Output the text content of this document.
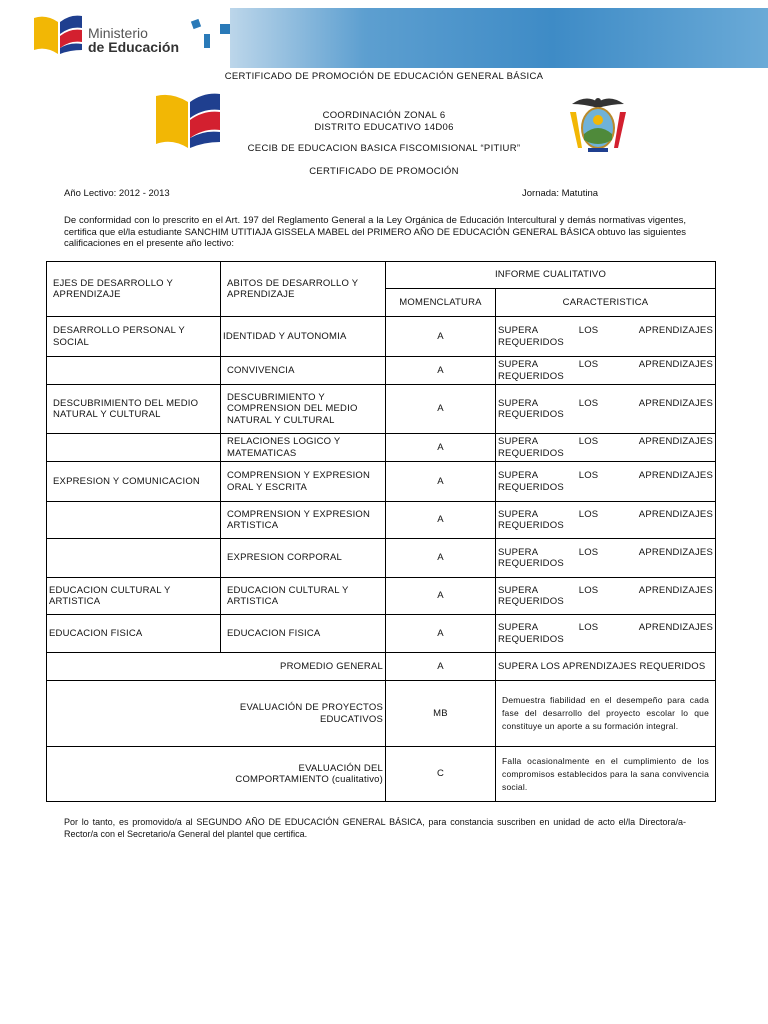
Ministerio
de Educación
CERTIFICADO DE PROMOCIÓN DE EDUCACIÓN GENERAL BÁSICA
COORDINACIÓN ZONAL 6
DISTRITO EDUCATIVO 14D06
CECIB DE EDUCACION BASICA FISCOMISIONAL “PITIUR”
CERTIFICADO DE PROMOCIÓN
Año Lectivo: 2012 - 2013	Jornada: Matutina
De conformidad con lo prescrito en el Art. 197 del Reglamento General a la Ley Orgánica de Educación Intercultural y demás normativas vigentes, certifica que el/la estudiante SANCHIM UTITIAJA GISSELA MABEL del PRIMERO AÑO DE EDUCACIÓN GENERAL BÁSICA obtuvo las siguientes calificaciones en el presente año lectivo:
EJES DE DESARROLLO Y APRENDIZAJE	ABITOS DE DESARROLLO Y APRENDIZAJE	INFORME CUALITATIVO	
		MOMENCLATURA	CARACTERISTICA
DESARROLLO PERSONAL Y SOCIAL	IDENTIDAD Y AUTONOMIA	A	SUPERA LOS APRENDIZAJES
REQUERIDOS

	CONVIVENCIA	A	SUPERA LOS APRENDIZAJES
REQUERIDOS

DESCUBRIMIENTO DEL MEDIO NATURAL Y CULTURAL	DESCUBRIMIENTO Y COMPRENSION DEL MEDIO NATURAL Y CULTURAL	A	SUPERA LOS APRENDIZAJES
REQUERIDOS

	RELACIONES LOGICO Y MATEMATICAS	A	SUPERA LOS APRENDIZAJES
REQUERIDOS

EXPRESION Y COMUNICACION	COMPRENSION Y EXPRESION ORAL Y ESCRITA	A	SUPERA LOS APRENDIZAJES
REQUERIDOS

	COMPRENSION Y EXPRESION ARTISTICA	A	SUPERA LOS APRENDIZAJES
REQUERIDOS

	EXPRESION CORPORAL	A	SUPERA LOS APRENDIZAJES
REQUERIDOS

EDUCACION CULTURAL Y ARTISTICA	EDUCACION CULTURAL Y ARTISTICA	A	SUPERA LOS APRENDIZAJES
REQUERIDOS

EDUCACION FISICA	EDUCACION FISICA	A	SUPERA LOS APRENDIZAJES
REQUERIDOS

PROMEDIO GENERAL		A	SUPERA LOS APRENDIZAJES REQUERIDOS
EVALUACIÓN DE PROYECTOS EDUCATIVOS		MB	Demuestra fiabilidad en el desempeño para cada fase del desarrollo del proyecto escolar lo que constituye un aporte a su formación integral.
EVALUACIÓN DEL COMPORTAMIENTO (cualitativo)		C	Falla ocasionalmente en el cumplimiento de los compromisos establecidos para la sana convivencia social.
Por lo tanto, es promovido/a al SEGUNDO AÑO DE EDUCACIÓN GENERAL BÁSICA, para constancia suscriben en unidad de acto el/la Directora/a-Rector/a con el Secretario/a General del plantel que certifica.
